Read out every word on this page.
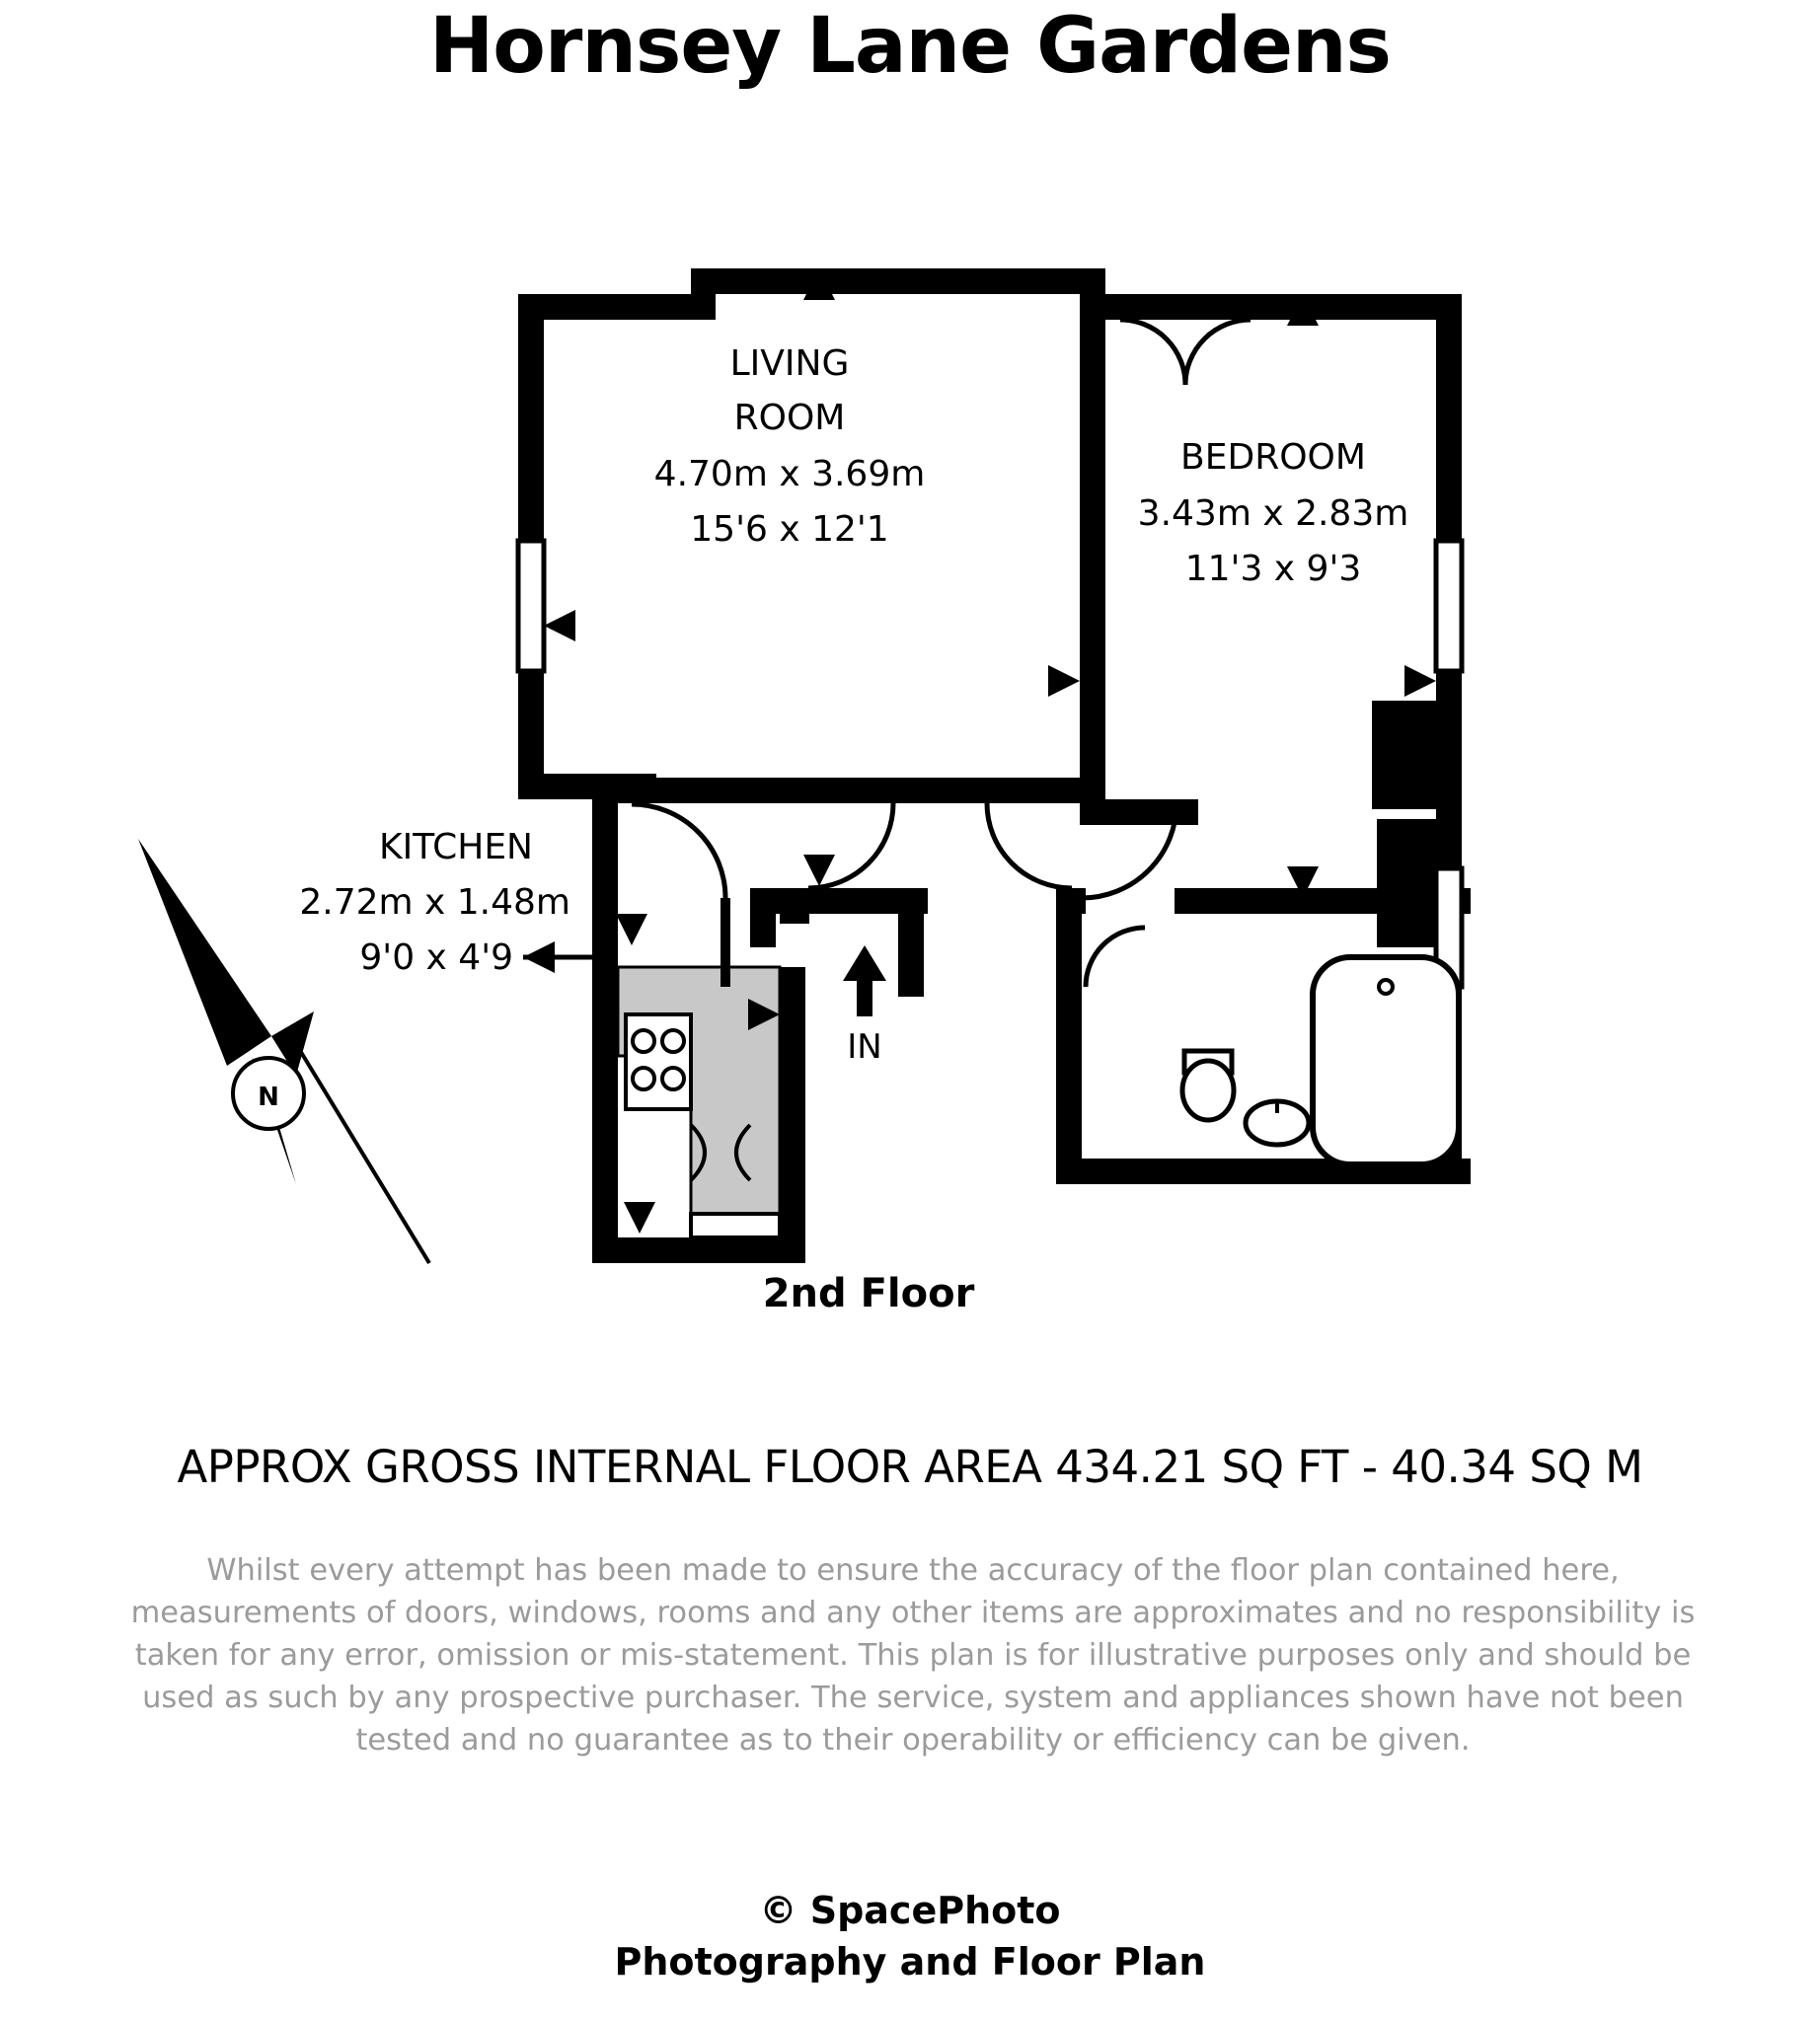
Hornsey Lane Gardens
IN
LIVING
ROOM
4.70m x 3.69m
15'6 x 12'1
BEDROOM
3.43m x 2.83m
11'3 x 9'3
KITCHEN
2.72m x 1.48m
9'0 x 4'9
N
2nd Floor
APPROX GROSS INTERNAL FLOOR AREA 434.21 SQ FT - 40.34 SQ M
Whilst every attempt has been made to ensure the accuracy of the floor plan contained here, measurements of doors, windows, rooms and any other items are approximates and no responsibility is taken for any error, omission or mis-statement. This plan is for illustrative purposes only and should be used as such by any prospective purchaser. The service, system and appliances shown have not been tested and no guarantee as to their operability or efficiency can be given.
© SpacePhoto
Photography and Floor Plan
